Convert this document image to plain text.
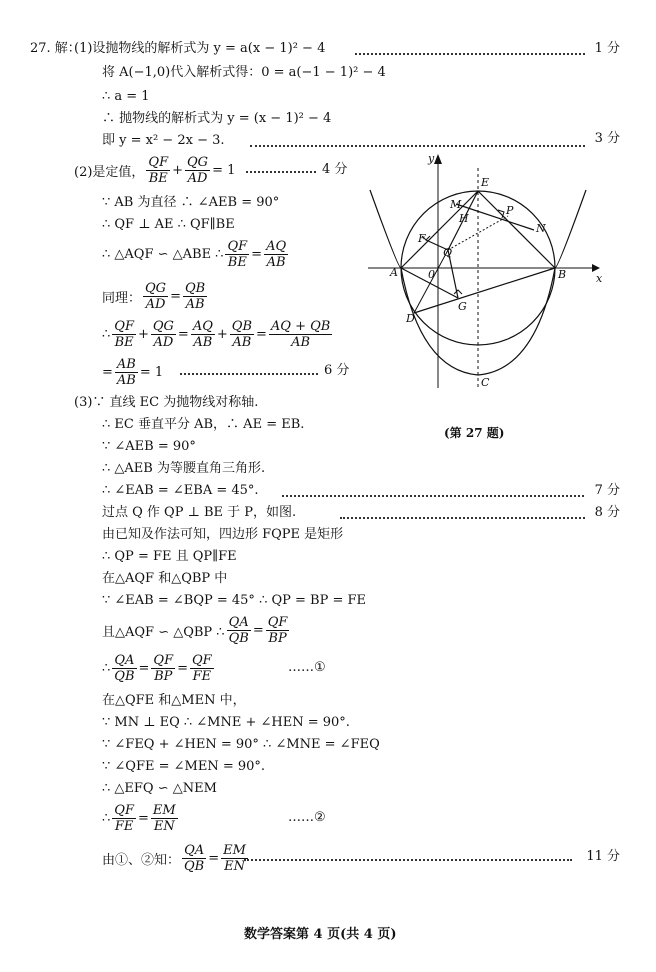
27. 解：
(1)设抛物线的解析式为 y = a(x − 1)² − 4	1 分
将 A(−1,0)代入解析式得：0 = a(−1 − 1)² − 4
∴ a = 1
∴ 抛物线的解析式为 y = (x − 1)² − 4
即 y = x² − 2x − 3.	3 分
(2)是定值， $\frac{QF}{BE} + \frac{QG}{AD} = 1$	4 分
∵ AB 为直径 ∴ ∠AEB = 90°
∴ QF ⊥ AE ∴ QF∥BE
∴ △AQF ∽ △ABE ∴ $\frac{QF}{BE} = \frac{AQ}{AB}$
同理： $\frac{QG}{AD} = \frac{QB}{AB}$
∴ $\frac{QF}{BE} + \frac{QG}{AD} = \frac{AQ}{AB} + \frac{QB}{AB} = \frac{AQ + QB}{AB}$
= $\frac{AB}{AB} = 1$	6 分
(3)∵ 直线 EC 为抛物线对称轴.
∴ EC 垂直平分 AB，∴ AE = EB.
∵ ∠AEB = 90°
∴ △AEB 为等腰直角三角形.
∴ ∠EAB = ∠EBA = 45°.	7 分
过点 Q 作 QP ⊥ BE 于 P，如图.	8 分
由已知及作法可知，四边形 FQPE 是矩形
∴ QP = FE 且 QP∥FE
在△AQF 和△QBP 中
∵ ∠EAB = ∠BQP = 45° ∴ QP = BP = FE
且△AQF ∽ △QBP ∴ $\frac{QA}{QB} = \frac{QF}{BP}$
∴ $\frac{QA}{QB} = \frac{QF}{BP} = \frac{QF}{FE}$	……①
在△QFE 和△MEN 中，
∵ MN ⊥ EQ ∴ ∠MNE + ∠HEN = 90°.
∵ ∠FEQ + ∠HEN = 90° ∴ ∠MNE = ∠FEQ
∵ ∠QFE = ∠MEN = 90°.
∴ △EFQ ∽ △NEM
∴ $\frac{QF}{FE} = \frac{EM}{EN}$	……②
由①、②知： $\frac{QA}{QB} = \frac{EM}{EN}$	11 分
y
x
E
M
H
P
N
F
Q
A	0	B
G
D
C
(第 27 题)
数学答案第 4 页(共 4 页)
